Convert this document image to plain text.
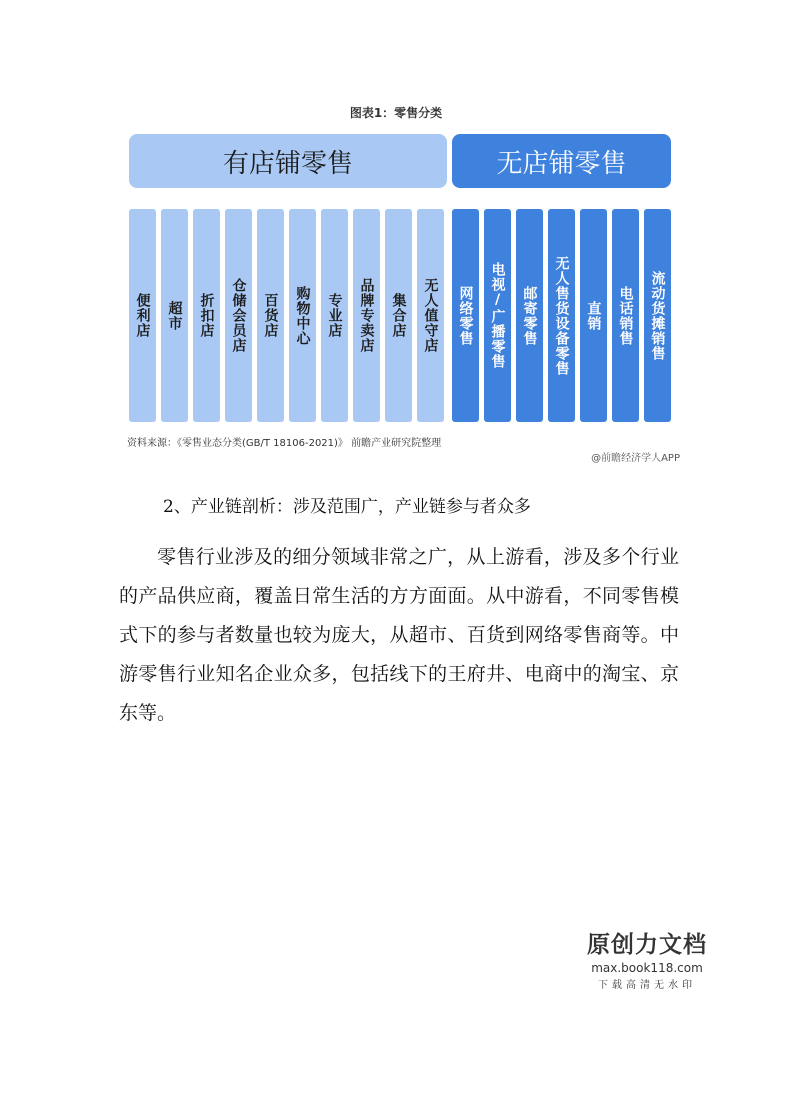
图表1：零售分类
有店铺零售	无店铺零售
便利店 超市 折扣店 仓储会员店 百货店 购物中心 专业店 品牌专卖店 集合店 无人值守店 网络零售 电视/广播零售 邮寄零售 无人售货设备零售 直销 电话销售 流动货摊销售
资料来源：《零售业态分类(GB/T 18106-2021)》 前瞻产业研究院整理
@前瞻经济学人APP
2、产业链剖析：涉及范围广，产业链参与者众多
零售行业涉及的细分领域非常之广，从上游看，涉及多个行业的产品供应商，覆盖日常生活的方方面面。从中游看，不同零售模式下的参与者数量也较为庞大，从超市、百货到网络零售商等。中游零售行业知名企业众多，包括线下的王府井、电商中的淘宝、京东等。
原创力文档
max.book118.com
下载高清无水印
